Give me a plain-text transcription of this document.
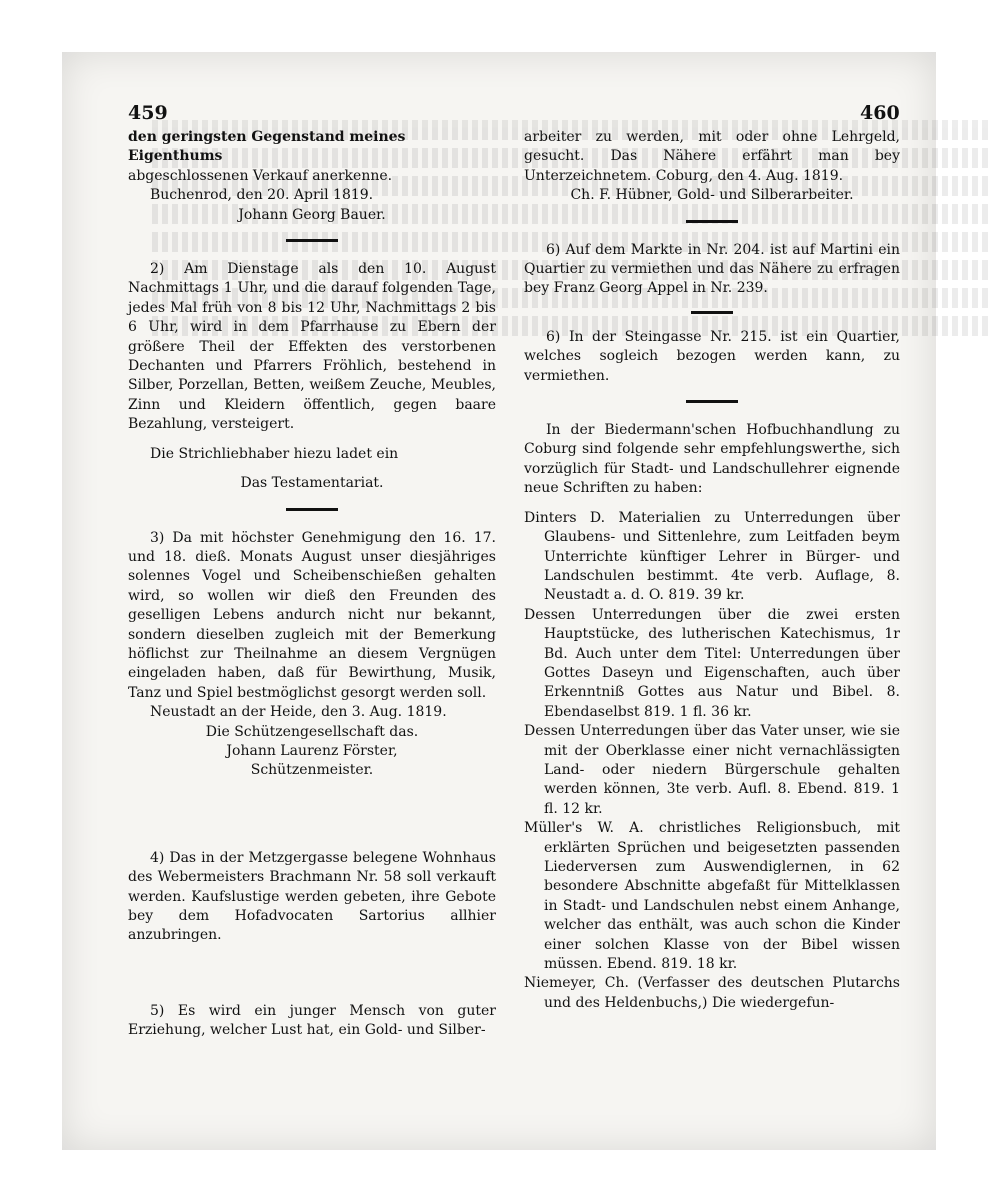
459	460

den geringsten Gegenstand meines Eigenthums

abgeschlossenen Verkauf anerkenne.

Buchenrod, den 20. April 1819.

Johann Georg Bauer.

2) Am Dienstage als den 10. August Nachmittags 1 Uhr, und die darauf folgenden Tage, jedes Mal früh von 8 bis 12 Uhr, Nachmittags 2 bis 6 Uhr, wird in dem Pfarrhause zu Ebern der größere Theil der Effekten des verstorbenen Dechanten und Pfarrers Fröhlich, bestehend in Silber, Porzellan, Betten, weißem Zeuche, Meubles, Zinn und Kleidern öffentlich, gegen baare Bezahlung, versteigert.

Die Strichliebhaber hiezu ladet ein

Das Testamentariat.

3) Da mit höchster Genehmigung den 16. 17. und 18. dieß. Monats August unser diesjähriges solennes Vogel und Scheibenschießen gehalten wird, so wollen wir dieß den Freunden des geselligen Lebens andurch nicht nur bekannt, sondern dieselben zugleich mit der Bemerkung höflichst zur Theilnahme an diesem Vergnügen eingeladen haben, daß für Bewirthung, Musik, Tanz und Spiel bestmöglichst gesorgt werden soll.

Neustadt an der Heide, den 3. Aug. 1819.

Die Schützengesellschaft das.

Johann Laurenz Förster,

Schützenmeister.

4) Das in der Metzgergasse belegene Wohnhaus des Webermeisters Brachmann Nr. 58 soll verkauft werden. Kaufslustige werden gebeten, ihre Gebote bey dem Hofadvocaten Sartorius allhier anzubringen.

5) Es wird ein junger Mensch von guter Erziehung, welcher Lust hat, ein Gold- und Silber-

arbeiter zu werden, mit oder ohne Lehrgeld, gesucht. Das Nähere erfährt man bey Unterzeichnetem. Coburg, den 4. Aug. 1819.

Ch. F. Hübner, Gold- und Silberarbeiter.

6) Auf dem Markte in Nr. 204. ist auf Martini ein Quartier zu vermiethen und das Nähere zu erfragen bey Franz Georg Appel in Nr. 239.

6) In der Steingasse Nr. 215. ist ein Quartier, welches sogleich bezogen werden kann, zu vermiethen.

In der Biedermann'schen Hofbuchhandlung zu Coburg sind folgende sehr empfehlungswerthe, sich vorzüglich für Stadt- und Landschullehrer eignende neue Schriften zu haben:

Dinters D. Materialien zu Unterredungen über Glaubens- und Sittenlehre, zum Leitfaden beym Unterrichte künftiger Lehrer in Bürger- und Landschulen bestimmt. 4te verb. Auflage, 8. Neustadt a. d. O. 819. 39 kr.

Dessen Unterredungen über die zwei ersten Hauptstücke, des lutherischen Katechismus, 1r Bd. Auch unter dem Titel: Unterredungen über Gottes Daseyn und Eigenschaften, auch über Erkenntniß Gottes aus Natur und Bibel. 8. Ebendaselbst 819. 1 fl. 36 kr.

Dessen Unterredungen über das Vater unser, wie sie mit der Oberklasse einer nicht vernachlässigten Land- oder niedern Bürgerschule gehalten werden können, 3te verb. Aufl. 8. Ebend. 819. 1 fl. 12 kr.

Müller's W. A. christliches Religionsbuch, mit erklärten Sprüchen und beigesetzten passenden Liederversen zum Auswendiglernen, in 62 besondere Abschnitte abgefaßt für Mittelklassen in Stadt- und Landschulen nebst einem Anhange, welcher das enthält, was auch schon die Kinder einer solchen Klasse von der Bibel wissen müssen. Ebend. 819. 18 kr.

Niemeyer, Ch. (Verfasser des deutschen Plutarchs und des Heldenbuchs,) Die wiedergefun-
